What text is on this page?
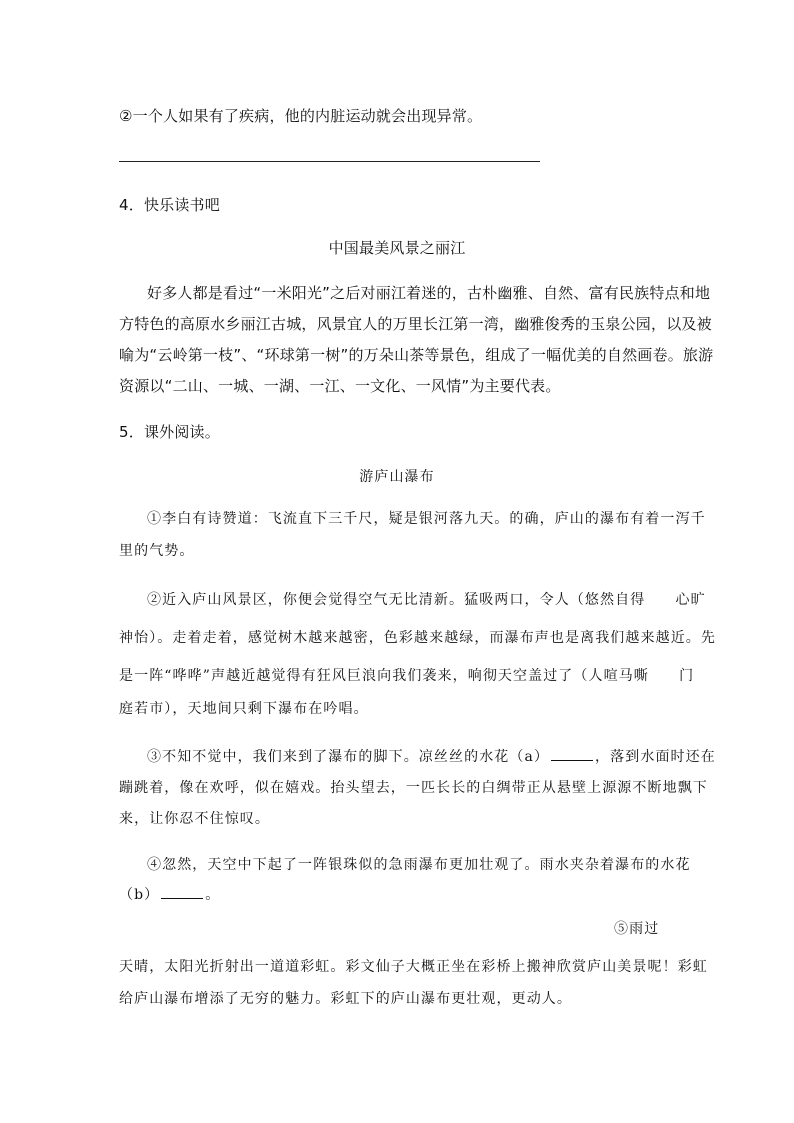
②一个人如果有了疾病，他的内脏运动就会出现异常。
4．快乐读书吧
中国最美风景之丽江
好多人都是看过“一米阳光”之后对丽江着迷的，古朴幽雅、自然、富有民族特点和地
方特色的高原水乡丽江古城，风景宜人的万里长江第一湾，幽雅俊秀的玉泉公园，以及被
喻为“云岭第一枝”、“环球第一树”的万朵山茶等景色，组成了一幅优美的自然画卷。旅游
资源以“二山、一城、一湖、一江、一文化、一风情”为主要代表。
5．课外阅读。
游庐山瀑布
①李白有诗赞道：飞流直下三千尺，疑是银河落九天。的确，庐山的瀑布有着一泻千
里的气势。
②近入庐山风景区，你便会觉得空气无比清新。猛吸两口，令人（悠然自得　　心旷
神怡）。走着走着，感觉树木越来越密，色彩越来越绿，而瀑布声也是离我们越来越近。先
是一阵“哗哗”声越近越觉得有狂风巨浪向我们袭来，响彻天空盖过了（人喧马嘶　　门
庭若市），天地间只剩下瀑布在吟唱。
③不知不觉中，我们来到了瀑布的脚下。凉丝丝的水花（a）	，落到水面时还在
蹦跳着，像在欢呼，似在嬉戏。抬头望去，一匹长长的白绸带正从悬壁上源源不断地飘下
来，让你忍不住惊叹。
④忽然，天空中下起了一阵银珠似的急雨瀑布更加壮观了。雨水夹杂着瀑布的水花
（b）	。
⑤雨过
天晴，太阳光折射出一道道彩虹。彩文仙子大概正坐在彩桥上搬神欣赏庐山美景呢！彩虹
给庐山瀑布增添了无穷的魅力。彩虹下的庐山瀑布更壮观，更动人。
